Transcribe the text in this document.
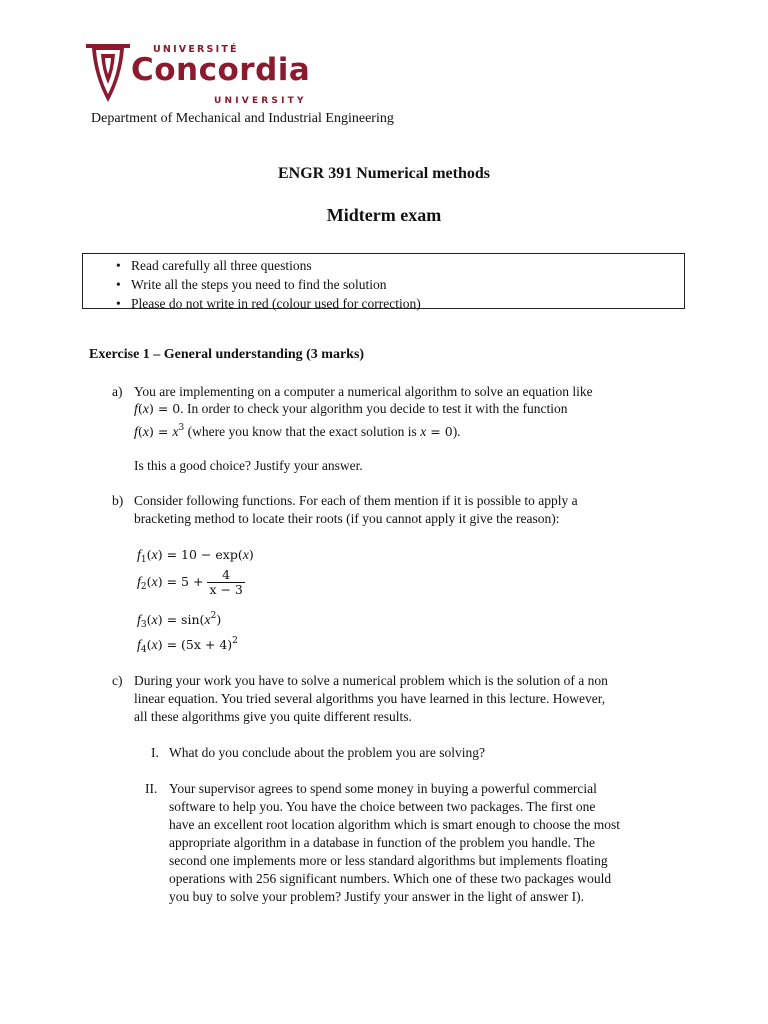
UNIVERSITÉ
Concordia
UNIVERSITY
Department of Mechanical and Industrial Engineering
ENGR 391 Numerical methods
Midterm exam
• Read carefully all three questions
• Write all the steps you need to find the solution
• Please do not write in red (colour used for correction)
Exercise 1 – General understanding (3 marks)
a) You are implementing on a computer a numerical algorithm to solve an equation like
f(x) = 0. In order to check your algorithm you decide to test it with the function
$f(x) = x^3$ (where you know that the exact solution is x = 0).
Is this a good choice? Justify your answer.
b) Consider following functions. For each of them mention if it is possible to apply a
bracketing method to locate their roots (if you cannot apply it give the reason):
$f_1(x) = 10 - \exp(x)$
$f_2(x) = 5 + \frac{4}{x - 3}$
$f_3(x) = \sin(x^2)$
$f_4(x) = (5x + 4)^2$
c) During your work you have to solve a numerical problem which is the solution of a non
linear equation. You tried several algorithms you have learned in this lecture. However,
all these algorithms give you quite different results.
I. What do you conclude about the problem you are solving?
II. Your supervisor agrees to spend some money in buying a powerful commercial
software to help you. You have the choice between two packages. The first one
have an excellent root location algorithm which is smart enough to choose the most
appropriate algorithm in a database in function of the problem you handle. The
second one implements more or less standard algorithms but implements floating
operations with 256 significant numbers. Which one of these two packages would
you buy to solve your problem? Justify your answer in the light of answer I).
